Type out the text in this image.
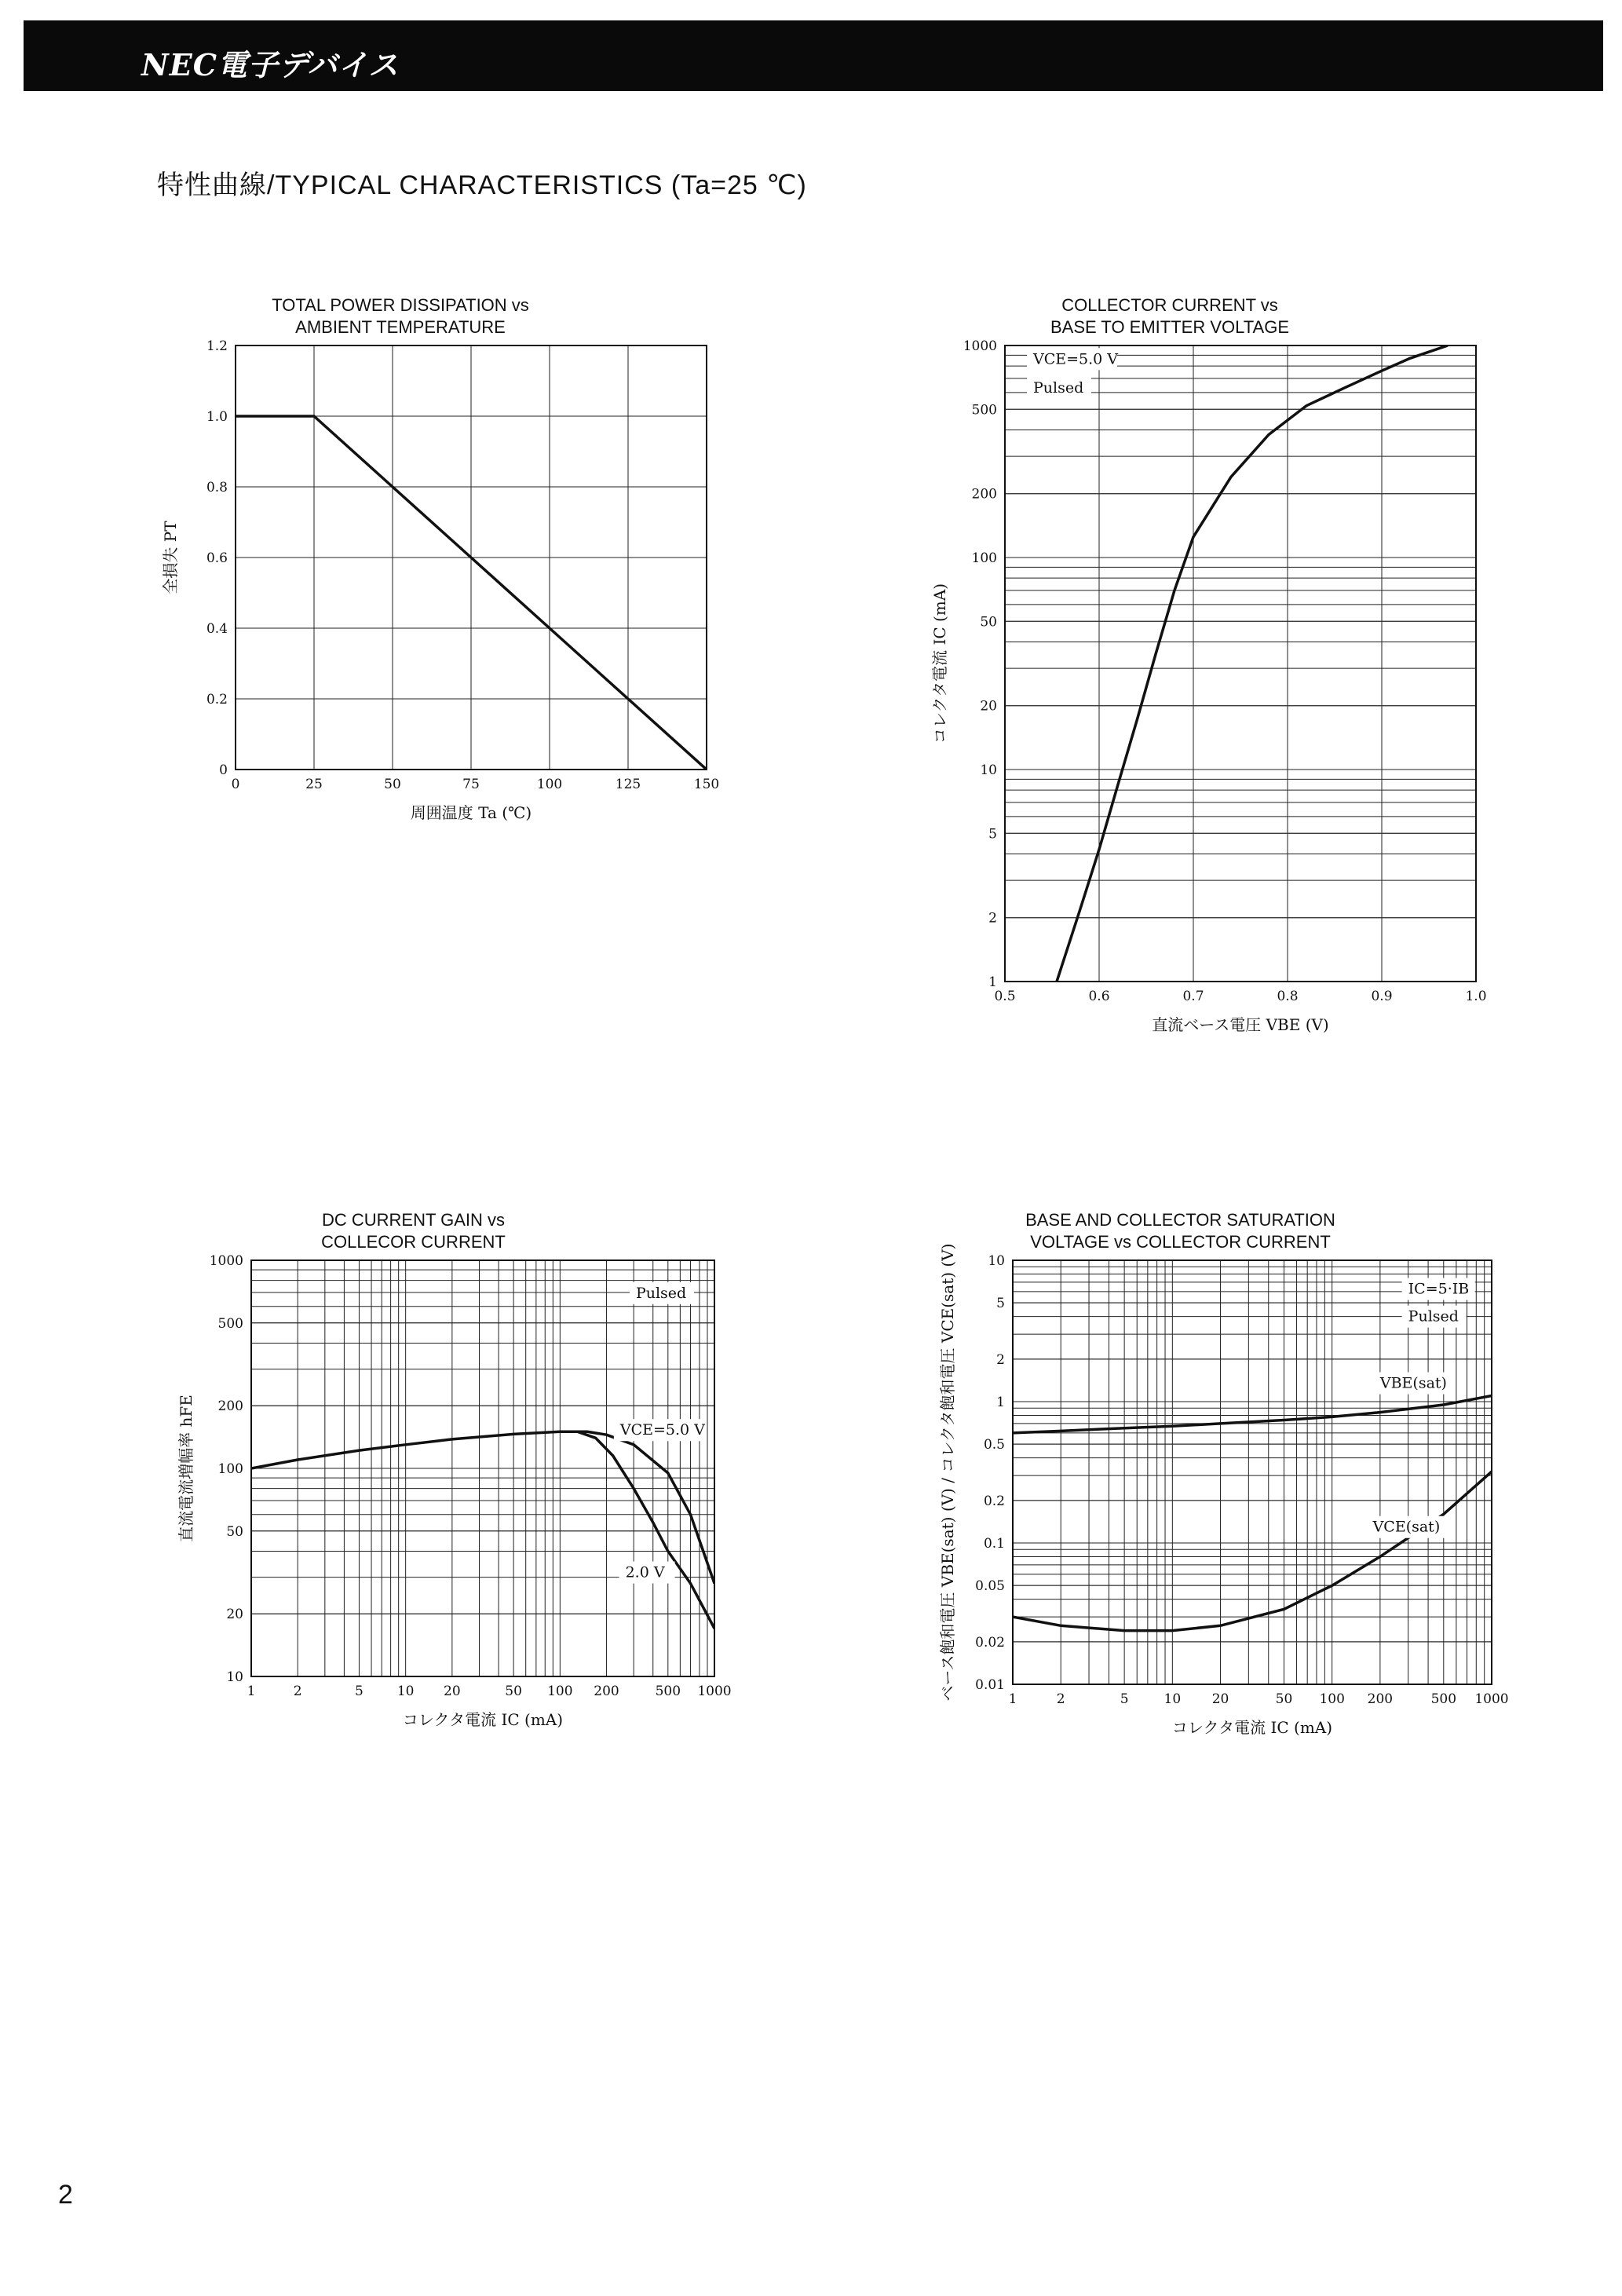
NEC電子デバイス
特性曲線/TYPICAL CHARACTERISTICS (Ta=25 ℃)
TOTAL POWER DISSIPATION vs
AMBIENT TEMPERATURE
0	25	50	75	100	125	150
0
0.2
0.4
0.6
0.8
1.0
1.2
周囲温度 Ta (℃)
全損失 PT
COLLECTOR CURRENT vs
BASE TO EMITTER VOLTAGE
0.5	0.6	0.7	0.8	0.9	1.0
1
2
5
10
20
50
100
200
500
1000
直流ベース電圧 VBE (V)
コレクタ電流 IC (mA)
VCE=5.0 V
Pulsed
DC CURRENT GAIN vs
COLLECOR CURRENT
1	2	5	10 20	50 100 200	500 1000
10
20
50
100
200
500
1000
コレクタ電流 IC (mA)
直流電流増幅率 hFE
Pulsed
VCE=5.0 V
2.0 V
BASE AND COLLECTOR SATURATION
VOLTAGE vs COLLECTOR CURRENT
1	2	5	10 20	50 100 200	500 1000
0.01
0.02
0.05
0.1
0.2
0.5
1
2
5
10
コレクタ電流 IC (mA)
ベース飽和電圧 VBE(sat) (V) / コレクタ飽和電圧 VCE(sat) (V)	IC=5·IB
Pulsed
VBE(sat)
VCE(sat)
2
